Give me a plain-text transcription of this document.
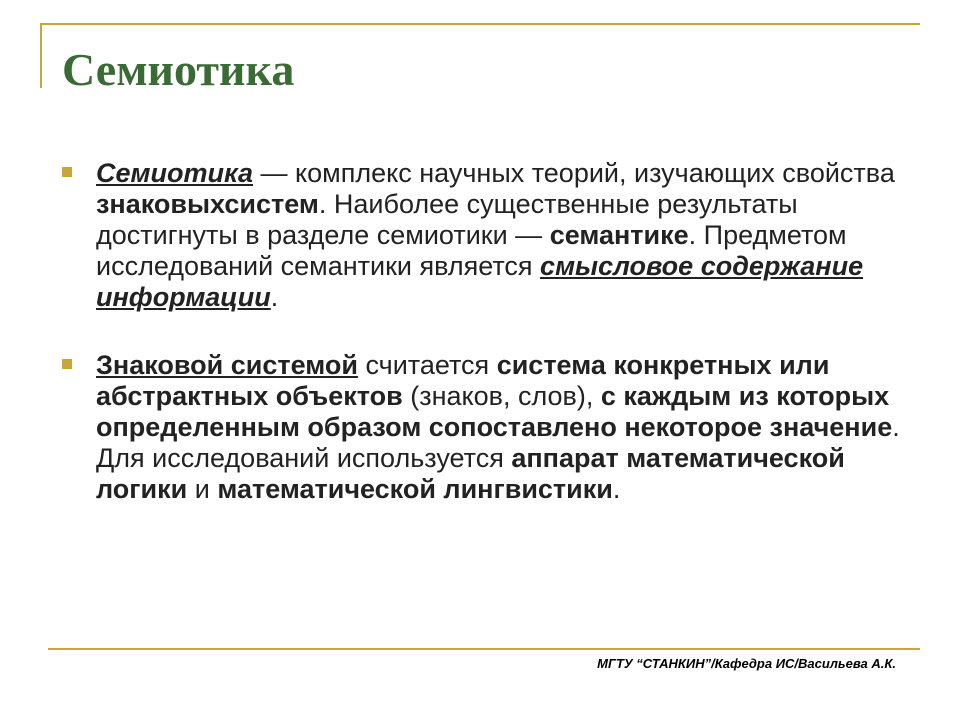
Семиотика
Семиотика — комплекс научных теорий, изучающих свойства знаковыхсистем. Наиболее существенные результаты достигнуты в разделе семиотики — семантике. Предметом исследований семантики является смысловое содержание информации.
Знаковой системой считается система конкретных или абстрактных объектов (знаков, слов), с каждым из которых определенным образом сопоставлено некоторое значение. Для исследований используется аппарат математической логики и математической лингвистики.
МГТУ “СТАНКИН”/Кафедра ИС/Васильева А.К.
